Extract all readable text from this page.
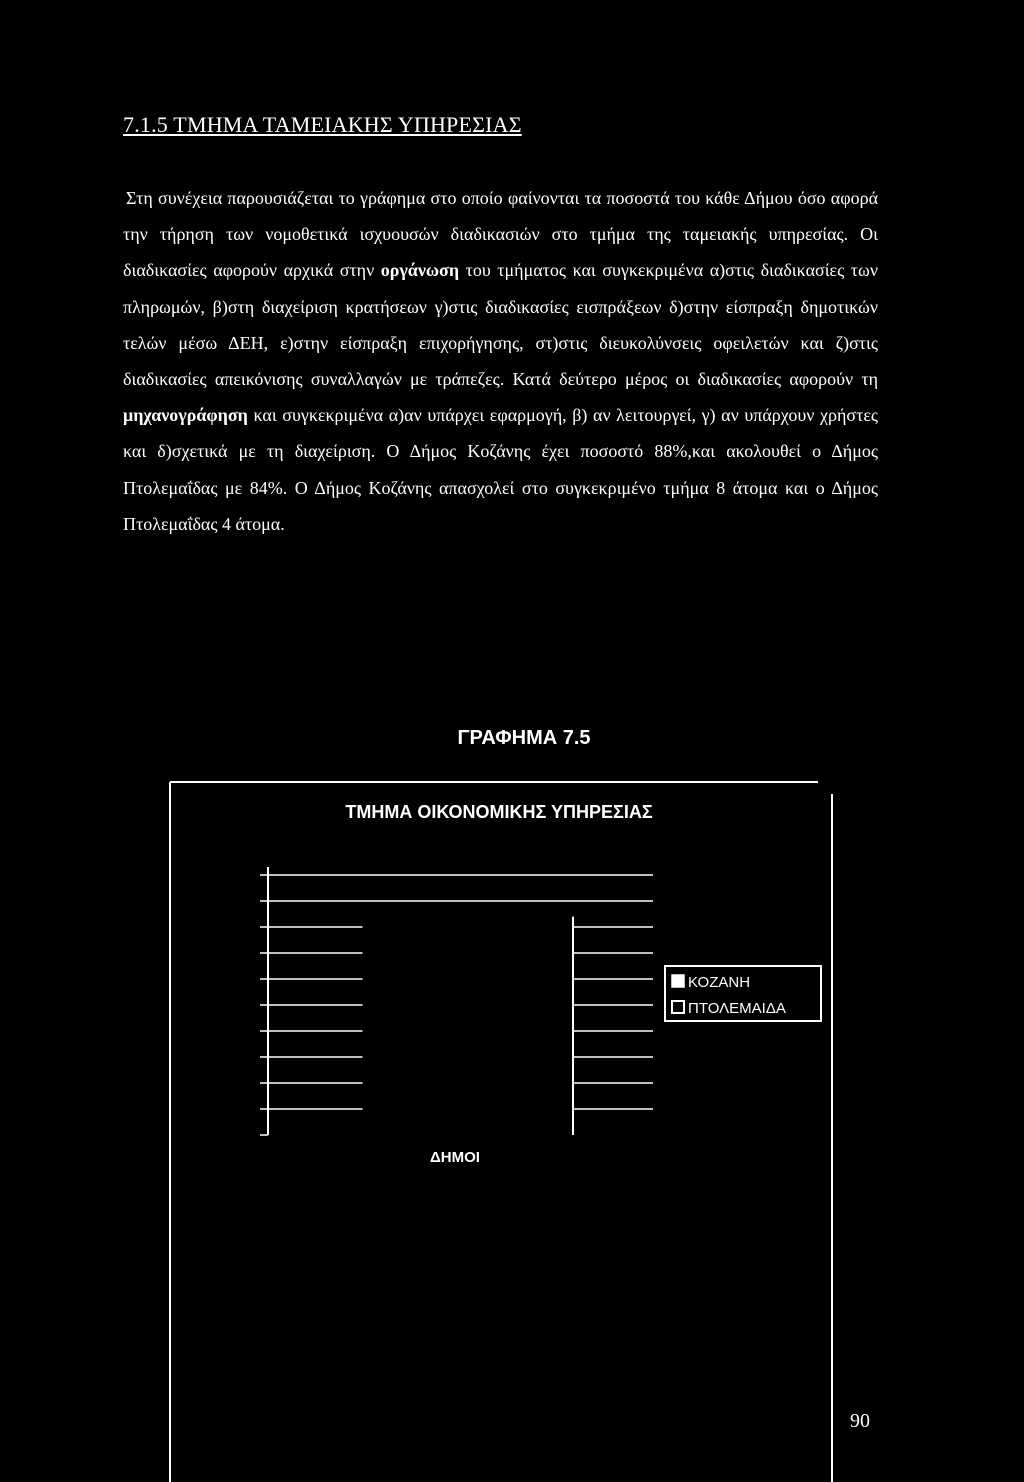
7.1.5 ΤΜΗΜΑ ΤΑΜΕΙΑΚΗΣ ΥΠΗΡΕΣΙΑΣ
Στη συνέχεια παρουσιάζεται το γράφημα στο οποίο φαίνονται τα ποσοστά του κάθε Δήμου όσο αφορά την τήρηση των νομοθετικά ισχυουσών διαδικασιών στο τμήμα της ταμειακής υπηρεσίας. Οι διαδικασίες αφορούν αρχικά στην οργάνωση του τμήματος και συγκεκριμένα α)στις διαδικασίες των πληρωμών, β)στη διαχείριση κρατήσεων γ)στις διαδικασίες εισπράξεων δ)στην είσπραξη δημοτικών τελών μέσω ΔΕΗ, ε)στην είσπραξη επιχορήγησης, στ)στις διευκολύνσεις οφειλετών και ζ)στις διαδικασίες απεικόνισης συναλλαγών με τράπεζες. Κατά δεύτερο μέρος οι διαδικασίες αφορούν τη μηχανογράφηση και συγκεκριμένα α)αν υπάρχει εφαρμογή, β) αν λειτουργεί, γ) αν υπάρχουν χρήστες και δ)σχετικά με τη διαχείριση. Ο Δήμος Κοζάνης έχει ποσοστό 88%,και ακολουθεί ο Δήμος Πτολεμαΐδας με 84%. Ο Δήμος Κοζάνης απασχολεί στο συγκεκριμένο τμήμα 8 άτομα και ο Δήμος Πτολεμαΐδας 4 άτομα.
ΓΡΑΦΗΜΑ 7.5
ΤΜΗΜΑ ΟΙΚΟΝΟΜΙΚΗΣ ΥΠΗΡΕΣΙΑΣ
ΚΟΖΑΝΗ
ΠΤΟΛΕΜΑΙΔΑ
ΔΗΜΟΙ
90
